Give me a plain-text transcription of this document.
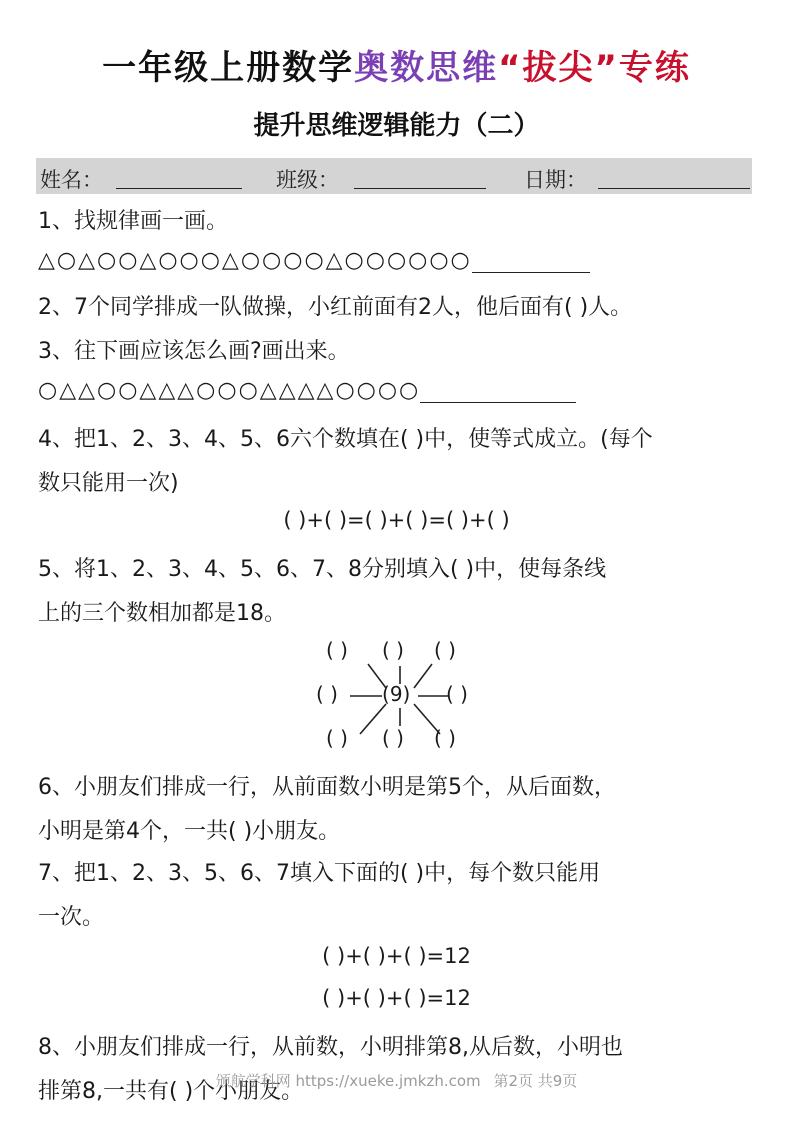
一年级上册数学奥数思维“拔尖”专练
提升思维逻辑能力（二）
姓名：	班级：	日期：
1、找规律画一画。
△○△○○△○○○△○○○○△○○○○○○
2、7个同学排成一队做操，小红前面有2人，他后面有( )人。
3、往下画应该怎么画?画出来。
○△△○○△△△○○○△△△△○○○○
4、把1、2、3、4、5、6六个数填在( )中，使等式成立。(每个
数只能用一次)
( )+( )=( )+( )=( )+( )
5、将1、2、3、4、5、6、7、8分别填入( )中，使每条线
上的三个数相加都是18。
( ) ( ) ( )
( ) (9) ( )
( ) ( ) ( )
6、小朋友们排成一行，从前面数小明是第5个，从后面数，
小明是第4个，一共( )小朋友。
7、把1、2、3、5、6、7填入下面的( )中，每个数只能用
一次。
( )+( )+( )=12
( )+( )+( )=12
8、小朋友们排成一行，从前数，小明排第8,从后数，小明也
排第8,一共有( )个小朋友。
颁航学科网 https://xueke.jmkzh.com 第2页 共9页
